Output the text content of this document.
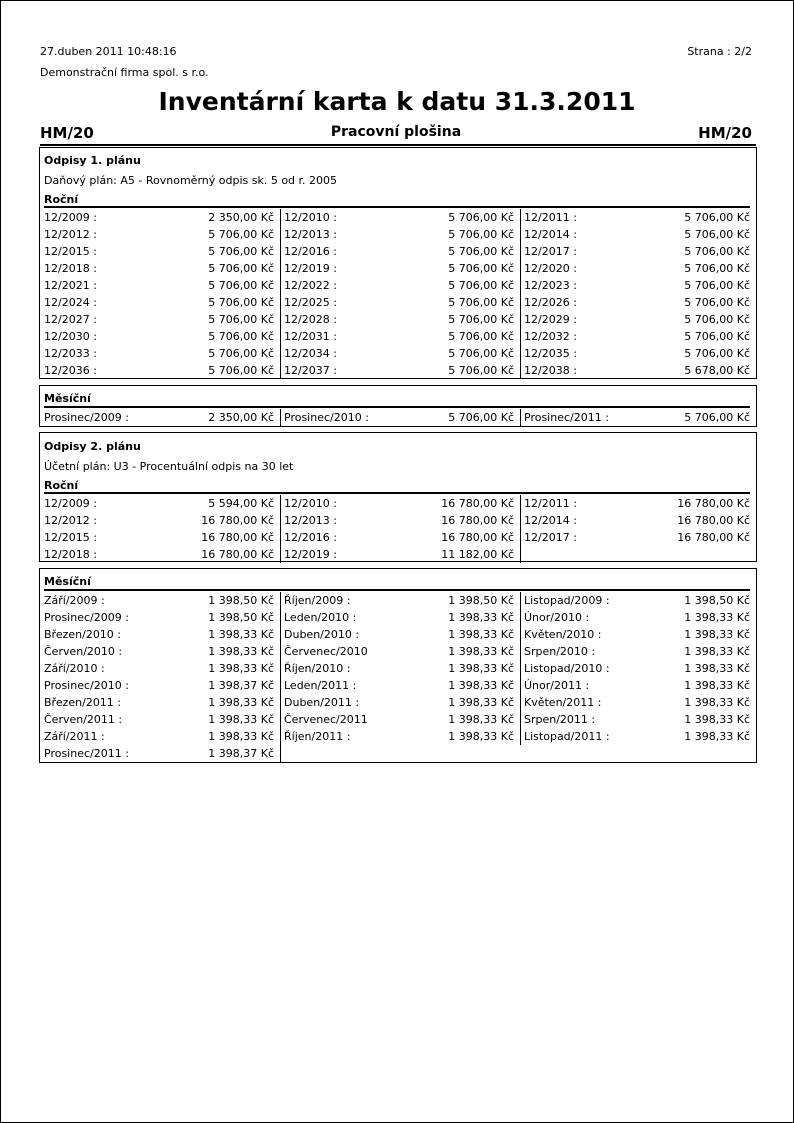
27.duben 2011 10:48:16
Demonstrační firma spol. s r.o.
Strana : 2/2
Inventární karta k datu 31.3.2011
Pracovní plošina
HM/20	HM/20
Odpisy 1. plánu
Daňový plán: A5 - Rovnoměrný odpis sk. 5 od r. 2005
Roční
12/2009 :	2 350,00 Kč 12/2010 :	5 706,00 Kč 12/2011 :	5 706,00 Kč
12/2012 :	5 706,00 Kč 12/2013 :	5 706,00 Kč 12/2014 :	5 706,00 Kč
12/2015 :	5 706,00 Kč 12/2016 :	5 706,00 Kč 12/2017 :	5 706,00 Kč
12/2018 :	5 706,00 Kč 12/2019 :	5 706,00 Kč 12/2020 :	5 706,00 Kč
12/2021 :	5 706,00 Kč 12/2022 :	5 706,00 Kč 12/2023 :	5 706,00 Kč
12/2024 :	5 706,00 Kč 12/2025 :	5 706,00 Kč 12/2026 :	5 706,00 Kč
12/2027 :	5 706,00 Kč 12/2028 :	5 706,00 Kč 12/2029 :	5 706,00 Kč
12/2030 :	5 706,00 Kč 12/2031 :	5 706,00 Kč 12/2032 :	5 706,00 Kč
12/2033 :	5 706,00 Kč 12/2034 :	5 706,00 Kč 12/2035 :	5 706,00 Kč
12/2036 :	5 706,00 Kč 12/2037 :	5 706,00 Kč 12/2038 :	5 678,00 Kč
Měsíční
Prosinec/2009 :	2 350,00 Kč Prosinec/2010 :	5 706,00 Kč Prosinec/2011 :	5 706,00 Kč
Odpisy 2. plánu
Účetní plán: U3 - Procentuální odpis na 30 let
Roční
12/2009 :	5 594,00 Kč 12/2010 :	16 780,00 Kč 12/2011 :	16 780,00 Kč
12/2012 :	16 780,00 Kč 12/2013 :	16 780,00 Kč 12/2014 :	16 780,00 Kč
12/2015 :	16 780,00 Kč 12/2016 :	16 780,00 Kč 12/2017 :	16 780,00 Kč
12/2018 :	16 780,00 Kč 12/2019 :	11 182,00 Kč
Měsíční
Září/2009 :	1 398,50 Kč Říjen/2009 :	1 398,50 Kč Listopad/2009 :	1 398,50 Kč
Prosinec/2009 :	1 398,50 Kč Leden/2010 :	1 398,33 Kč Únor/2010 :	1 398,33 Kč
Březen/2010 :	1 398,33 Kč Duben/2010 :	1 398,33 Kč Květen/2010 :	1 398,33 Kč
Červen/2010 :	1 398,33 Kč Červenec/2010	1 398,33 Kč Srpen/2010 :	1 398,33 Kč
Září/2010 :	1 398,33 Kč Říjen/2010 :	1 398,33 Kč Listopad/2010 :	1 398,33 Kč
Prosinec/2010 :	1 398,37 Kč Leden/2011 :	1 398,33 Kč Únor/2011 :	1 398,33 Kč
Březen/2011 :	1 398,33 Kč Duben/2011 :	1 398,33 Kč Květen/2011 :	1 398,33 Kč
Červen/2011 :	1 398,33 Kč Červenec/2011	1 398,33 Kč Srpen/2011 :	1 398,33 Kč
Září/2011 :	1 398,33 Kč Říjen/2011 :	1 398,33 Kč Listopad/2011 :	1 398,33 Kč
Prosinec/2011 :	1 398,37 Kč
